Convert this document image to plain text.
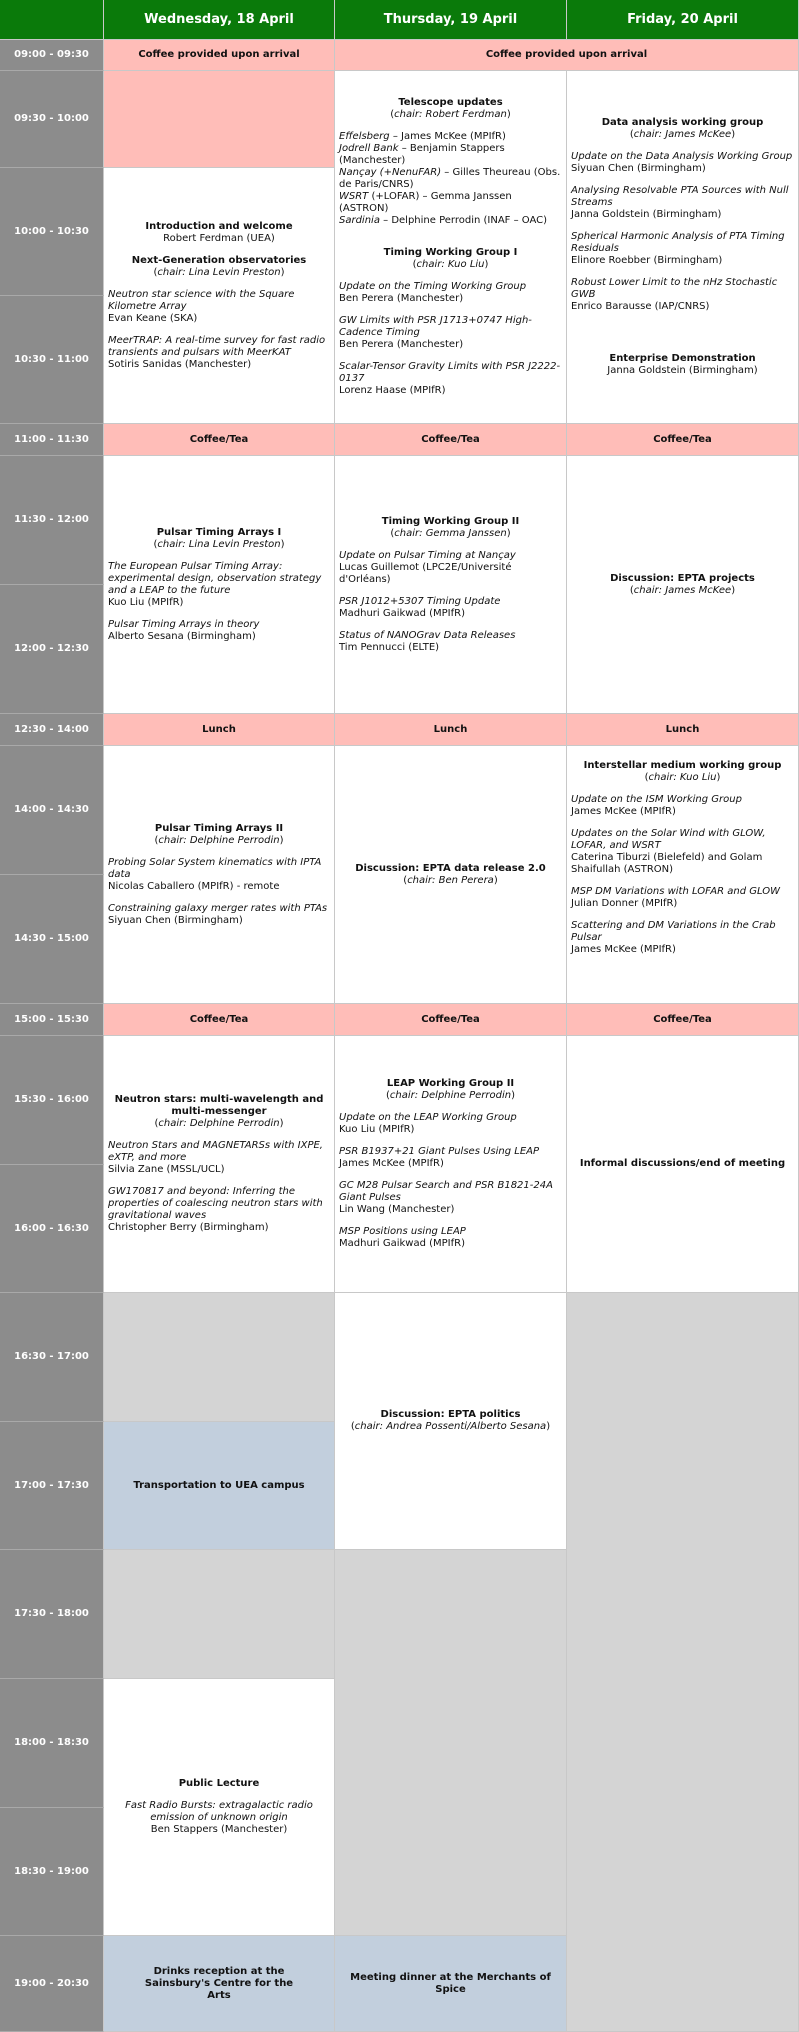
Wednesday, 18 April	Thursday, 19 April	Friday, 20 April
09:00 - 09:30
09:30 - 10:00
10:00 - 10:30
10:30 - 11:00
11:00 - 11:30
11:30 - 12:00
12:00 - 12:30
12:30 - 14:00
14:00 - 14:30
14:30 - 15:00
15:00 - 15:30
15:30 - 16:00
16:00 - 16:30
16:30 - 17:00
17:00 - 17:30
17:30 - 18:00
18:00 - 18:30
18:30 - 19:00
19:00 - 20:30
Coffee provided upon arrival
Introduction and welcome
Robert Ferdman (UEA)
Next-Generation observatories
(chair: Lina Levin Preston)
Neutron star science with the Square Kilometre Array
Evan Keane (SKA)
MeerTRAP: A real-time survey for fast radio transients and pulsars with MeerKAT
Sotiris Sanidas (Manchester)
Coffee/Tea
Pulsar Timing Arrays I
(chair: Lina Levin Preston)
The European Pulsar Timing Array: experimental design, observation strategy and a LEAP to the future
Kuo Liu (MPIfR)
Pulsar Timing Arrays in theory
Alberto Sesana (Birmingham)
Lunch
Pulsar Timing Arrays II
(chair: Delphine Perrodin)
Probing Solar System kinematics with IPTA data
Nicolas Caballero (MPIfR) - remote
Constraining galaxy merger rates with PTAs
Siyuan Chen (Birmingham)
Coffee/Tea
Neutron stars: multi-wavelength and multi-messenger
(chair: Delphine Perrodin)
Neutron Stars and MAGNETARSs with IXPE, eXTP, and more
Silvia Zane (MSSL/UCL)
GW170817 and beyond: Inferring the properties of coalescing neutron stars with gravitational waves
Christopher Berry (Birmingham)
Transportation to UEA campus
Public Lecture
Fast Radio Bursts: extragalactic radio emission of unknown origin
Ben Stappers (Manchester)
Drinks reception at the Sainsbury's Centre for the Arts
Coffee provided upon arrival
Telescope updates
(chair: Robert Ferdman)
Effelsberg – James McKee (MPIfR)
Jodrell Bank – Benjamin Stappers (Manchester)
Nançay (+NenuFAR) – Gilles Theureau (Obs. de Paris/CNRS)
WSRT (+LOFAR) – Gemma Janssen (ASTRON)
Sardinia – Delphine Perrodin (INAF – OAC)
Timing Working Group I
(chair: Kuo Liu)
Update on the Timing Working Group
Ben Perera (Manchester)
GW Limits with PSR J1713+0747 High-Cadence Timing
Ben Perera (Manchester)
Scalar-Tensor Gravity Limits with PSR J2222-0137
Lorenz Haase (MPIfR)
Coffee/Tea
Timing Working Group II
(chair: Gemma Janssen)
Update on Pulsar Timing at Nançay
Lucas Guillemot (LPC2E/Université d'Orléans)
PSR J1012+5307 Timing Update
Madhuri Gaikwad (MPIfR)
Status of NANOGrav Data Releases
Tim Pennucci (ELTE)
Lunch
Discussion: EPTA data release 2.0
(chair: Ben Perera)
Coffee/Tea
LEAP Working Group II
(chair: Delphine Perrodin)
Update on the LEAP Working Group
Kuo Liu (MPIfR)
PSR B1937+21 Giant Pulses Using LEAP
James McKee (MPIfR)
GC M28 Pulsar Search and PSR B1821-24A Giant Pulses
Lin Wang (Manchester)
MSP Positions using LEAP
Madhuri Gaikwad (MPIfR)
Discussion: EPTA politics
(chair: Andrea Possenti/Alberto Sesana)
Meeting dinner at the Merchants of Spice
Data analysis working group
(chair: James McKee)
Update on the Data Analysis Working Group
Siyuan Chen (Birmingham)
Analysing Resolvable PTA Sources with Null Streams
Janna Goldstein (Birmingham)
Spherical Harmonic Analysis of PTA Timing Residuals
Elinore Roebber (Birmingham)
Robust Lower Limit to the nHz Stochastic GWB
Enrico Barausse (IAP/CNRS)
Enterprise Demonstration
Janna Goldstein (Birmingham)
Coffee/Tea
Discussion: EPTA projects
(chair: James McKee)
Lunch
Interstellar medium working group
(chair: Kuo Liu)
Update on the ISM Working Group
James McKee (MPIfR)
Updates on the Solar Wind with GLOW, LOFAR, and WSRT
Caterina Tiburzi (Bielefeld) and Golam Shaifullah (ASTRON)
MSP DM Variations with LOFAR and GLOW
Julian Donner (MPIfR)
Scattering and DM Variations in the Crab Pulsar
James McKee (MPIfR)
Coffee/Tea
Informal discussions/end of meeting
